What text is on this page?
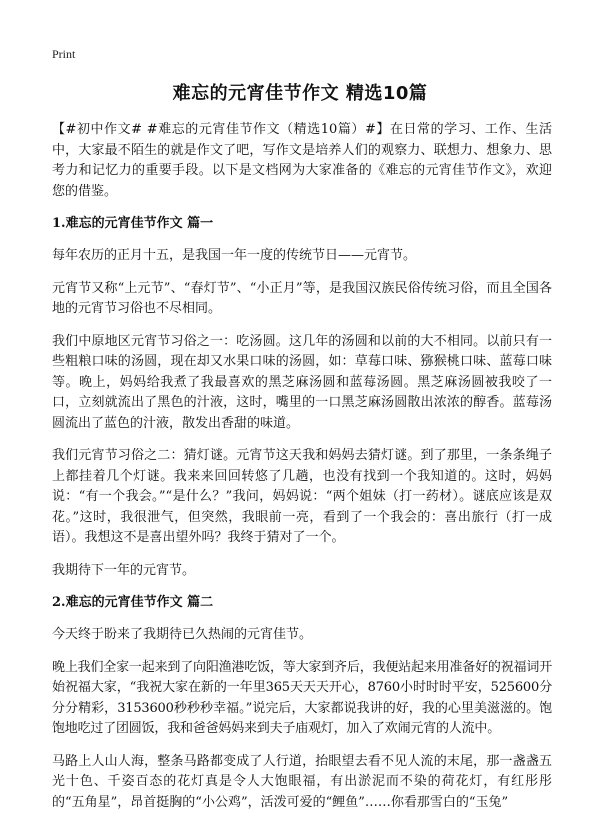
Print
难忘的元宵佳节作文 精选10篇

【#初中作文# #难忘的元宵佳节作文（精选10篇）#】在日常的学习、工作、生活中，大家最不陌生的就是作文了吧，写作文是培养人们的观察力、联想力、想象力、思考力和记忆力的重要手段。以下是文档网为大家准备的《难忘的元宵佳节作文》，欢迎您的借鉴。

1.难忘的元宵佳节作文 篇一

每年农历的正月十五，是我国一年一度的传统节日——元宵节。

元宵节又称“上元节”、“春灯节”、“小正月”等，是我国汉族民俗传统习俗，而且全国各地的元宵节习俗也不尽相同。

我们中原地区元宵节习俗之一：吃汤圆。这几年的汤圆和以前的大不相同。以前只有一些粗粮口味的汤圆，现在却又水果口味的汤圆，如：草莓口味、猕猴桃口味、蓝莓口味等。晚上，妈妈给我煮了我最喜欢的黑芝麻汤圆和蓝莓汤圆。黑芝麻汤圆被我咬了一口，立刻就流出了黑色的汁液，这时，嘴里的一口黑芝麻汤圆散出浓浓的醇香。蓝莓汤圆流出了蓝色的汁液，散发出香甜的味道。

我们元宵节习俗之二：猜灯谜。元宵节这天我和妈妈去猜灯谜。到了那里，一条条绳子上都挂着几个灯谜。我来来回回转悠了几趟，也没有找到一个我知道的。这时，妈妈说：“有一个我会。”“是什么？”我问，妈妈说：“两个姐妹（打一药材）。谜底应该是双花。”这时，我很泄气，但突然，我眼前一亮，看到了一个我会的：喜出旅行（打一成语）。我想这不是喜出望外吗？我终于猜对了一个。

我期待下一年的元宵节。

2.难忘的元宵佳节作文 篇二

今天终于盼来了我期待已久热闹的元宵佳节。

晚上我们全家一起来到了向阳渔港吃饭，等大家到齐后，我便站起来用准备好的祝福词开始祝福大家，“我祝大家在新的一年里365天天天开心，8760小时时时平安，525600分分分精彩，3153600秒秒秒幸福。”说完后，大家都说我讲的好，我的心里美滋滋的。饱饱地吃过了团圆饭，我和爸爸妈妈来到夫子庙观灯，加入了欢闹元宵的人流中。

马路上人山人海，整条马路都变成了人行道，抬眼望去看不见人流的末尾，那一盏盏五光十色、千姿百态的花灯真是令人大饱眼福，有出淤泥而不染的荷花灯，有红彤彤的“五角星”，昂首挺胸的“小公鸡”，活泼可爱的“鲤鱼”……你看那雪白的“玉兔”
